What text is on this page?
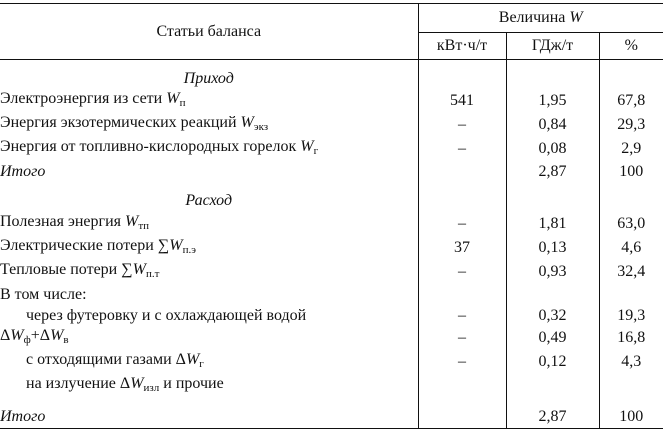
Статьи баланса	Величина W		
	кВт·ч/т	ГДж/т	%

Приход			
Электроэнергия из сети $W_п$	541	1,95	67,8
Энергия экзотермических реакций $W_{экз}$	–	0,84	29,3
Энергия от топливно-кислородных горелок $W_г$	–	0,08	2,9
Итого		2,87	100

Расход			
Полезная энергия $W_{тп}$	–	1,81	63,0
Электрические потери $\sum W_{п.э}$	37	0,13	4,6
Тепловые потери $\sum W_{п.т}$	–	0,93	32,4
В том числе:			
через футеровку и с охлаждающей водой	–	0,32	19,3
$\Delta W_ф+\Delta W_в$	–	0,49	16,8
с отходящими газами $\Delta W_г$	–	0,12	4,3
на излучение $\Delta W_{изл}$ и прочие			

Итого		2,87	100
